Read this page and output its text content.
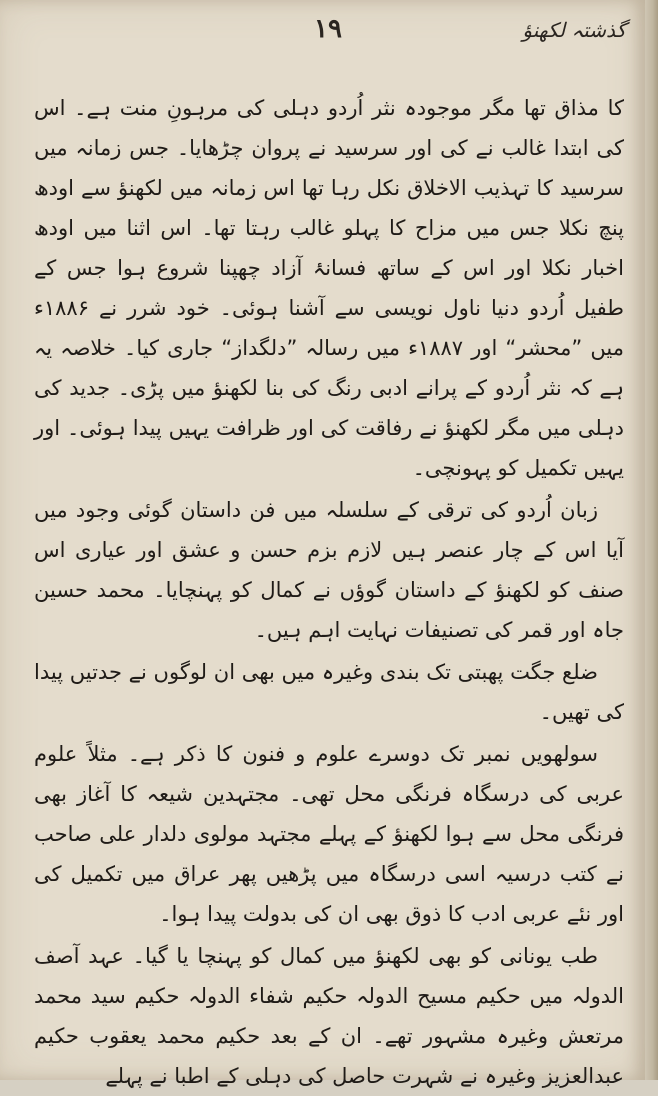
گذشتہ لکھنؤ
۱۹

کا مذاق تھا مگر موجودہ نثر اُردو دہلی کی مرہونِ منت ہے۔ اس کی ابتدا غالب نے کی اور سرسید نے پروان چڑھایا۔ جس زمانہ میں سرسید کا تہذیب الاخلاق نکل رہا تھا اس زمانہ میں لکھنؤ سے اودھ پنچ نکلا جس میں مزاح کا پہلو غالب رہتا تھا۔ اس اثنا میں اودھ اخبار نکلا اور اس کے ساتھ فسانۂ آزاد چھپنا شروع ہوا جس کے طفیل اُردو دنیا ناول نویسی سے آشنا ہوئی۔ خود شرر نے ۱۸۸۶ء میں ”محشر“ اور ۱۸۸۷ء میں رسالہ ”دلگداز“ جاری کیا۔ خلاصہ یہ ہے کہ نثر اُردو کے پرانے ادبی رنگ کی بنا لکھنؤ میں پڑی۔ جدید کی دہلی میں مگر لکھنؤ نے رفاقت کی اور ظرافت یہیں پیدا ہوئی۔ اور یہیں تکمیل کو پہونچی۔

زبان اُردو کی ترقی کے سلسلہ میں فن داستان گوئی وجود میں آیا اس کے چار عنصر ہیں لازم بزم حسن و عشق اور عیاری اس صنف کو لکھنؤ کے داستان گوؤں نے کمال کو پہنچایا۔ محمد حسین جاہ اور قمر کی تصنیفات نہایت اہم ہیں۔

ضلع جگت پھبتی تک بندی وغیرہ میں بھی ان لوگوں نے جدتیں پیدا کی تھیں۔

سولھویں نمبر تک دوسرے علوم و فنون کا ذکر ہے۔ مثلاً علوم عربی کی درسگاہ فرنگی محل تھی۔ مجتہدین شیعہ کا آغاز بھی فرنگی محل سے ہوا لکھنؤ کے پہلے مجتہد مولوی دلدار علی صاحب نے کتب درسیہ اسی درسگاہ میں پڑھیں پھر عراق میں تکمیل کی اور نئے عربی ادب کا ذوق بھی ان کی بدولت پیدا ہوا۔

طب یونانی کو بھی لکھنؤ میں کمال کو پہنچا یا گیا۔ عہد آصف الدولہ میں حکیم مسیح الدولہ حکیم شفاء الدولہ حکیم سید محمد مرتعش وغیرہ مشہور تھے۔ ان کے بعد حکیم محمد یعقوب حکیم عبدالعزیز وغیرہ نے شہرت حاصل کی دہلی کے اطبا نے پہلے
